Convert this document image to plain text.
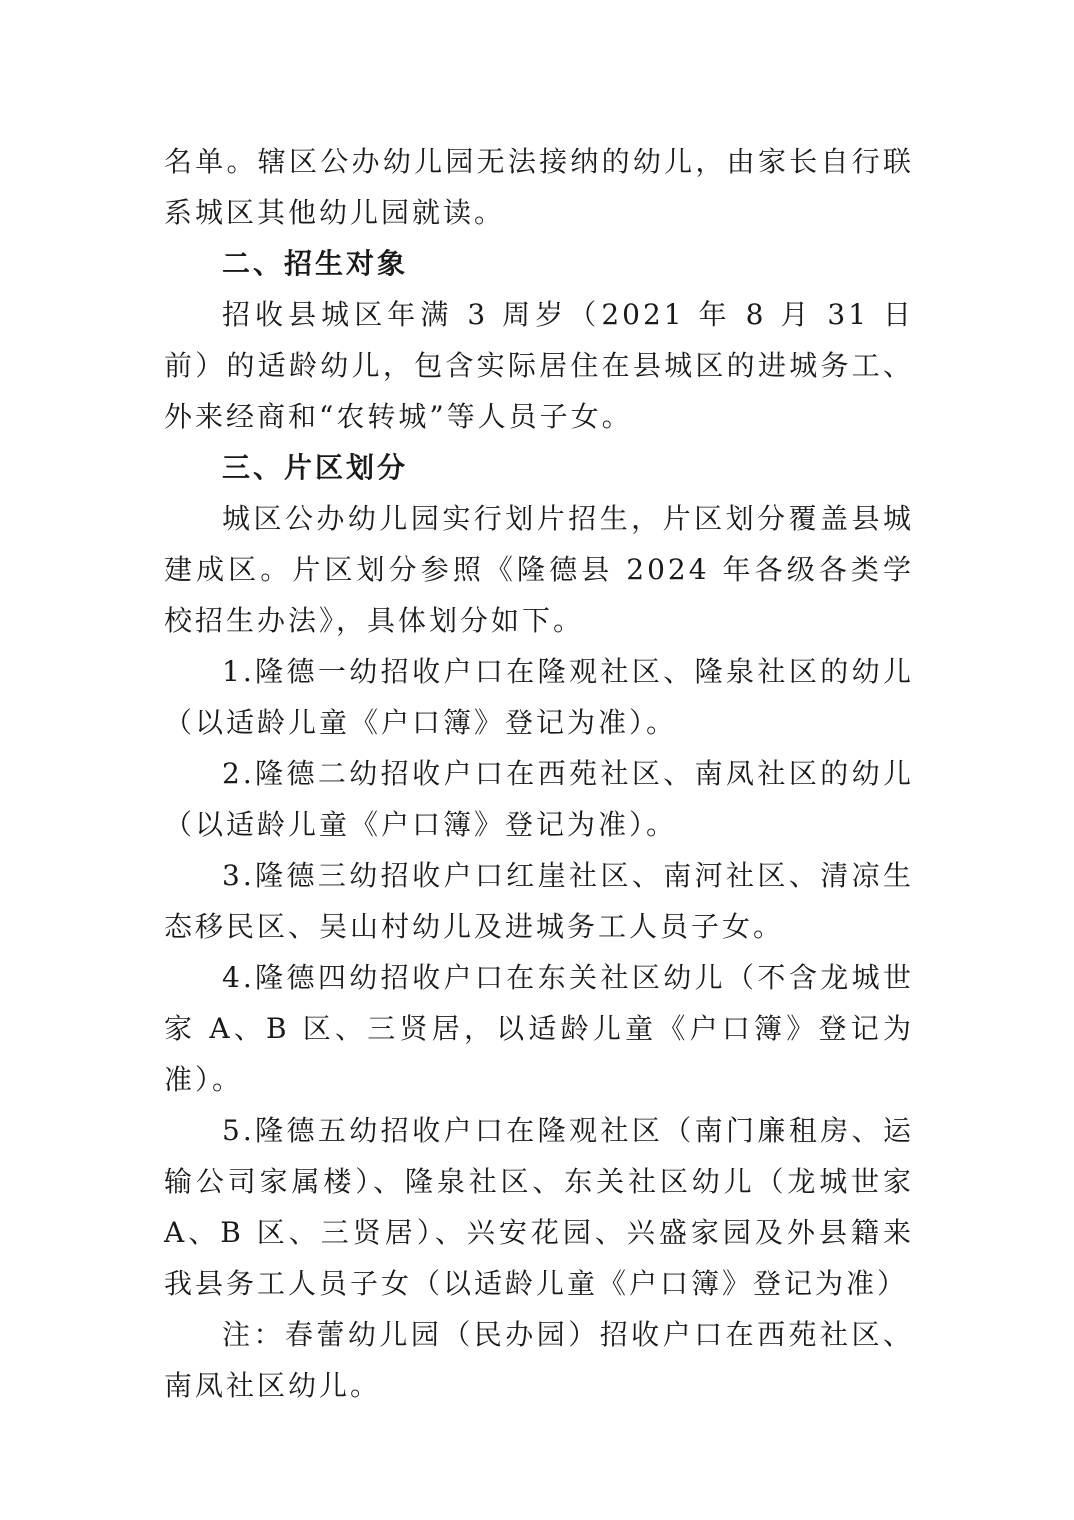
名单。辖区公办幼儿园无法接纳的幼儿，由家长自行联系城区其他幼儿园就读。

二、招生对象

招收县城区年满 3 周岁（2021 年 8 月 31 日前）的适龄幼儿，包含实际居住在县城区的进城务工、外来经商和“农转城”等人员子女。

三、片区划分

城区公办幼儿园实行划片招生，片区划分覆盖县城建成区。片区划分参照《隆德县 2024 年各级各类学校招生办法》，具体划分如下。

1.隆德一幼招收户口在隆观社区、隆泉社区的幼儿（以适龄儿童《户口簿》登记为准）。

2.隆德二幼招收户口在西苑社区、南凤社区的幼儿（以适龄儿童《户口簿》登记为准）。

3.隆德三幼招收户口红崖社区、南河社区、清凉生态移民区、吴山村幼儿及进城务工人员子女。

4.隆德四幼招收户口在东关社区幼儿（不含龙城世家 A、B 区、三贤居，以适龄儿童《户口簿》登记为准）。

5.隆德五幼招收户口在隆观社区（南门廉租房、运输公司家属楼）、隆泉社区、东关社区幼儿（龙城世家 A、B 区、三贤居）、兴安花园、兴盛家园及外县籍来我县务工人员子女（以适龄儿童《户口簿》登记为准）

注：春蕾幼儿园（民办园）招收户口在西苑社区、南凤社区幼儿。
